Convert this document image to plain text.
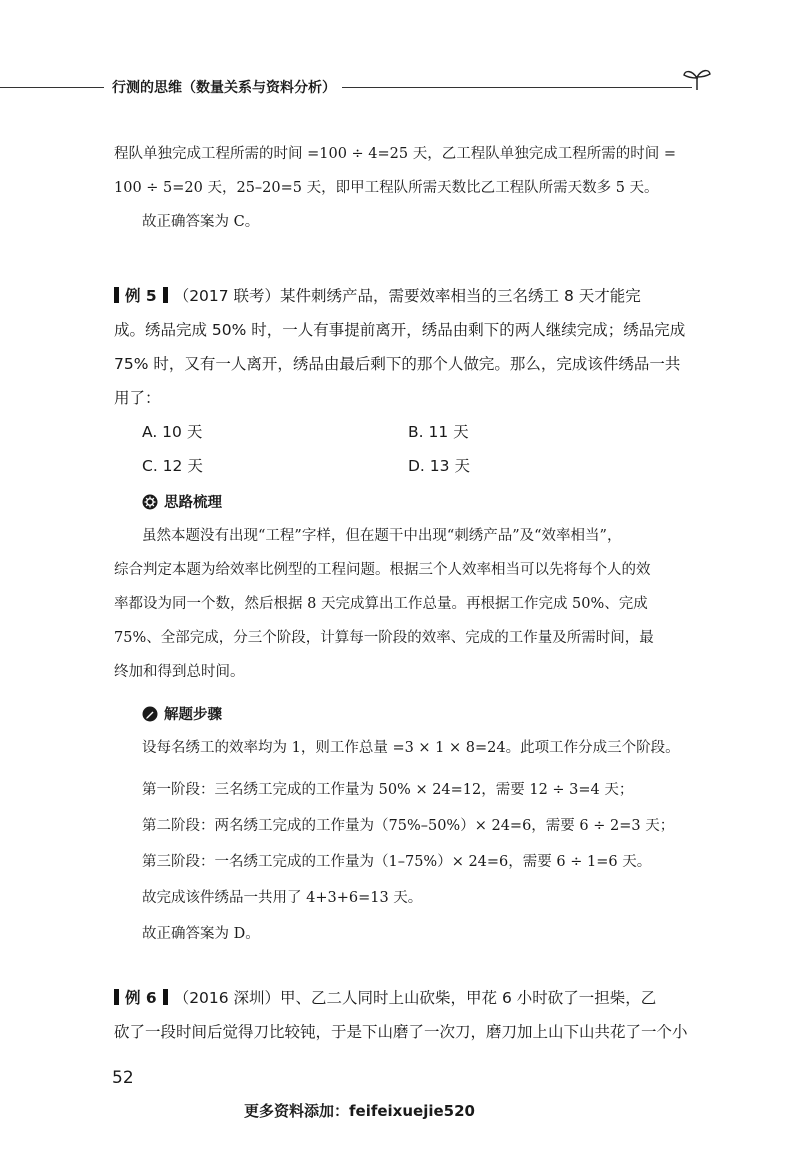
行测的思维（数量关系与资料分析）
程队单独完成工程所需的时间 =100 ÷ 4=25 天，乙工程队单独完成工程所需的时间 =
100 ÷ 5=20 天，25–20=5 天，即甲工程队所需天数比乙工程队所需天数多 5 天。
故正确答案为 C。
例 5 （2017 联考）某件刺绣产品，需要效率相当的三名绣工 8 天才能完
成。绣品完成 50% 时，一人有事提前离开，绣品由剩下的两人继续完成；绣品完成
75% 时，又有一人离开，绣品由最后剩下的那个人做完。那么，完成该件绣品一共
用了：
A. 10 天	B. 11 天
C. 12 天	D. 13 天
思路梳理
虽然本题没有出现“工程”字样，但在题干中出现“刺绣产品”及“效率相当”，
综合判定本题为给效率比例型的工程问题。根据三个人效率相当可以先将每个人的效
率都设为同一个数，然后根据 8 天完成算出工作总量。再根据工作完成 50%、完成
75%、全部完成，分三个阶段，计算每一阶段的效率、完成的工作量及所需时间，最
终加和得到总时间。
解题步骤
设每名绣工的效率均为 1，则工作总量 =3 × 1 × 8=24。此项工作分成三个阶段。
第一阶段：三名绣工完成的工作量为 50% × 24=12，需要 12 ÷ 3=4 天；
第二阶段：两名绣工完成的工作量为（75%–50%）× 24=6，需要 6 ÷ 2=3 天；
第三阶段：一名绣工完成的工作量为（1–75%）× 24=6，需要 6 ÷ 1=6 天。
故完成该件绣品一共用了 4+3+6=13 天。
故正确答案为 D。
例 6 （2016 深圳）甲、乙二人同时上山砍柴，甲花 6 小时砍了一担柴，乙
砍了一段时间后觉得刀比较钝，于是下山磨了一次刀，磨刀加上山下山共花了一个小
52
更多资料添加：feifeixuejie520
